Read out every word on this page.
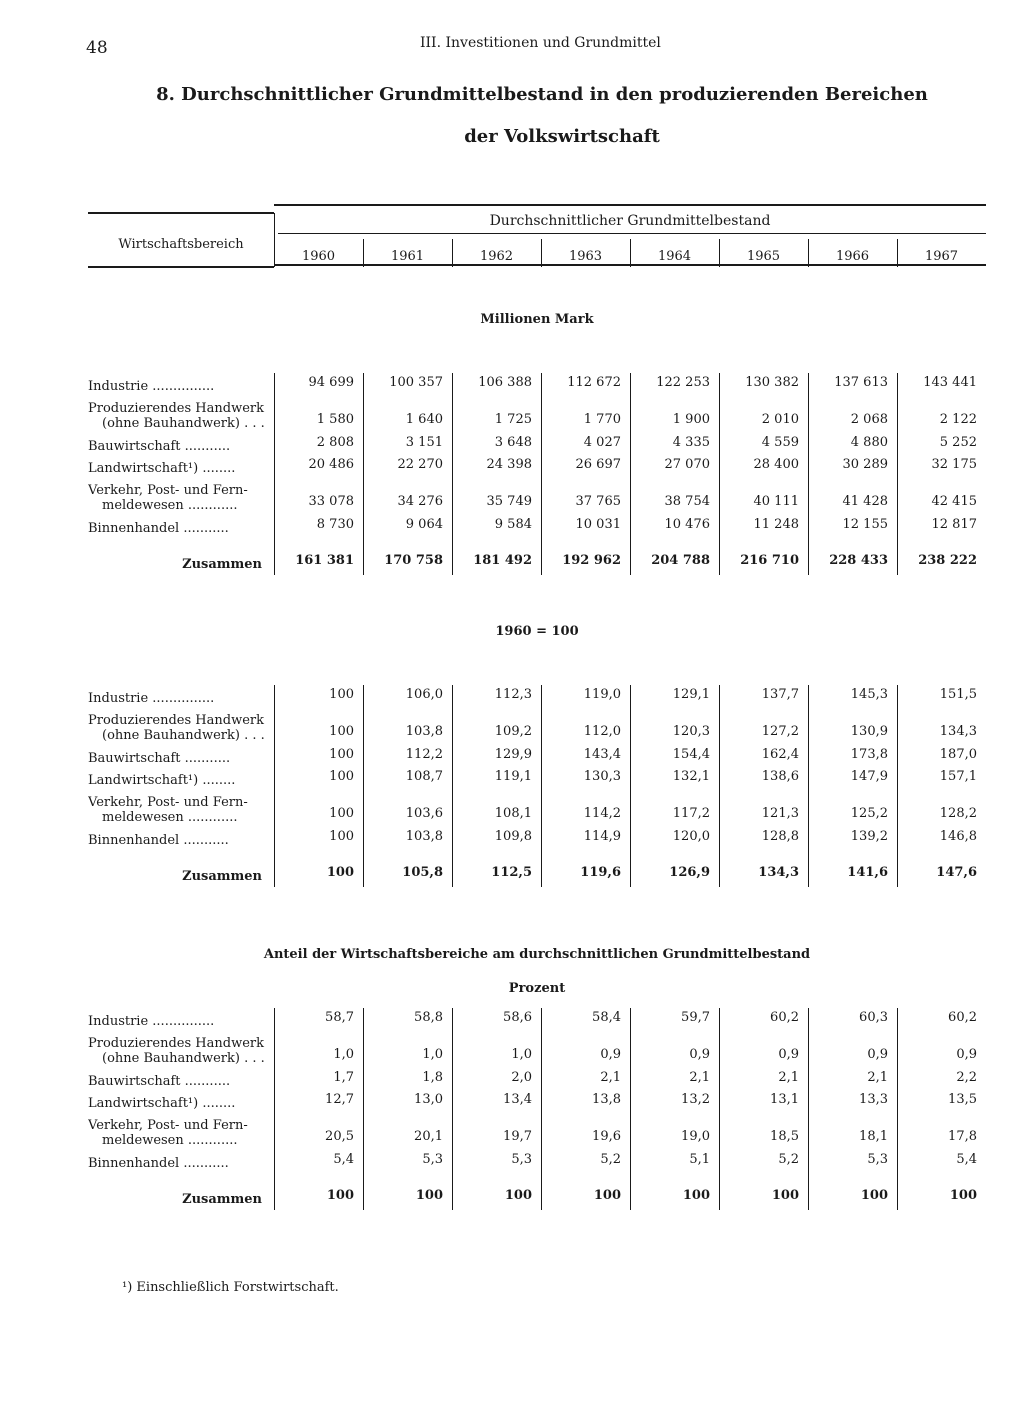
48	III. Investitionen und Grundmittel
8. Durchschnittlicher Grundmittelbestand in den produzierenden Bereichen
der Volkswirtschaft
Wirtschaftsbereich
Durchschnittlicher Grundmittelbestand
1960	1961	1962	1963	1964	1965	1966	1967
Millionen Mark
Industrie ...............	94 699	100 357	106 388	112 672	122 253	130 382	137 613	143 441
Produzierendes Handwerk
(ohne Bauhandwerk) . . .	1 580	1 640	1 725	1 770	1 900	2 010	2 068	2 122
Bauwirtschaft ...........	2 808	3 151	3 648	4 027	4 335	4 559	4 880	5 252
Landwirtschaft¹) ........	20 486	22 270	24 398	26 697	27 070	28 400	30 289	32 175
Verkehr, Post- und Fern-
meldewesen ............	33 078	34 276	35 749	37 765	38 754	40 111	41 428	42 415
Binnenhandel ...........	8 730	9 064	9 584	10 031	10 476	11 248	12 155	12 817
Zusammen	161 381	170 758	181 492	192 962	204 788	216 710	228 433	238 222
1960 = 100
Industrie ...............	100	106,0	112,3	119,0	129,1	137,7	145,3	151,5
Produzierendes Handwerk
(ohne Bauhandwerk) . . .	100	103,8	109,2	112,0	120,3	127,2	130,9	134,3
Bauwirtschaft ...........	100	112,2	129,9	143,4	154,4	162,4	173,8	187,0
Landwirtschaft¹) ........	100	108,7	119,1	130,3	132,1	138,6	147,9	157,1
Verkehr, Post- und Fern-
meldewesen ............	100	103,6	108,1	114,2	117,2	121,3	125,2	128,2
Binnenhandel ...........	100	103,8	109,8	114,9	120,0	128,8	139,2	146,8
Zusammen	100	105,8	112,5	119,6	126,9	134,3	141,6	147,6
Anteil der Wirtschaftsbereiche am durchschnittlichen Grundmittelbestand
Prozent
Industrie ...............	58,7	58,8	58,6	58,4	59,7	60,2	60,3	60,2
Produzierendes Handwerk
(ohne Bauhandwerk) . . .	1,0	1,0	1,0	0,9	0,9	0,9	0,9	0,9
Bauwirtschaft ...........	1,7	1,8	2,0	2,1	2,1	2,1	2,1	2,2
Landwirtschaft¹) ........	12,7	13,0	13,4	13,8	13,2	13,1	13,3	13,5
Verkehr, Post- und Fern-
meldewesen ............	20,5	20,1	19,7	19,6	19,0	18,5	18,1	17,8
Binnenhandel ...........	5,4	5,3	5,3	5,2	5,1	5,2	5,3	5,4
Zusammen	100	100	100	100	100	100	100	100
¹) Einschließlich Forstwirtschaft.
